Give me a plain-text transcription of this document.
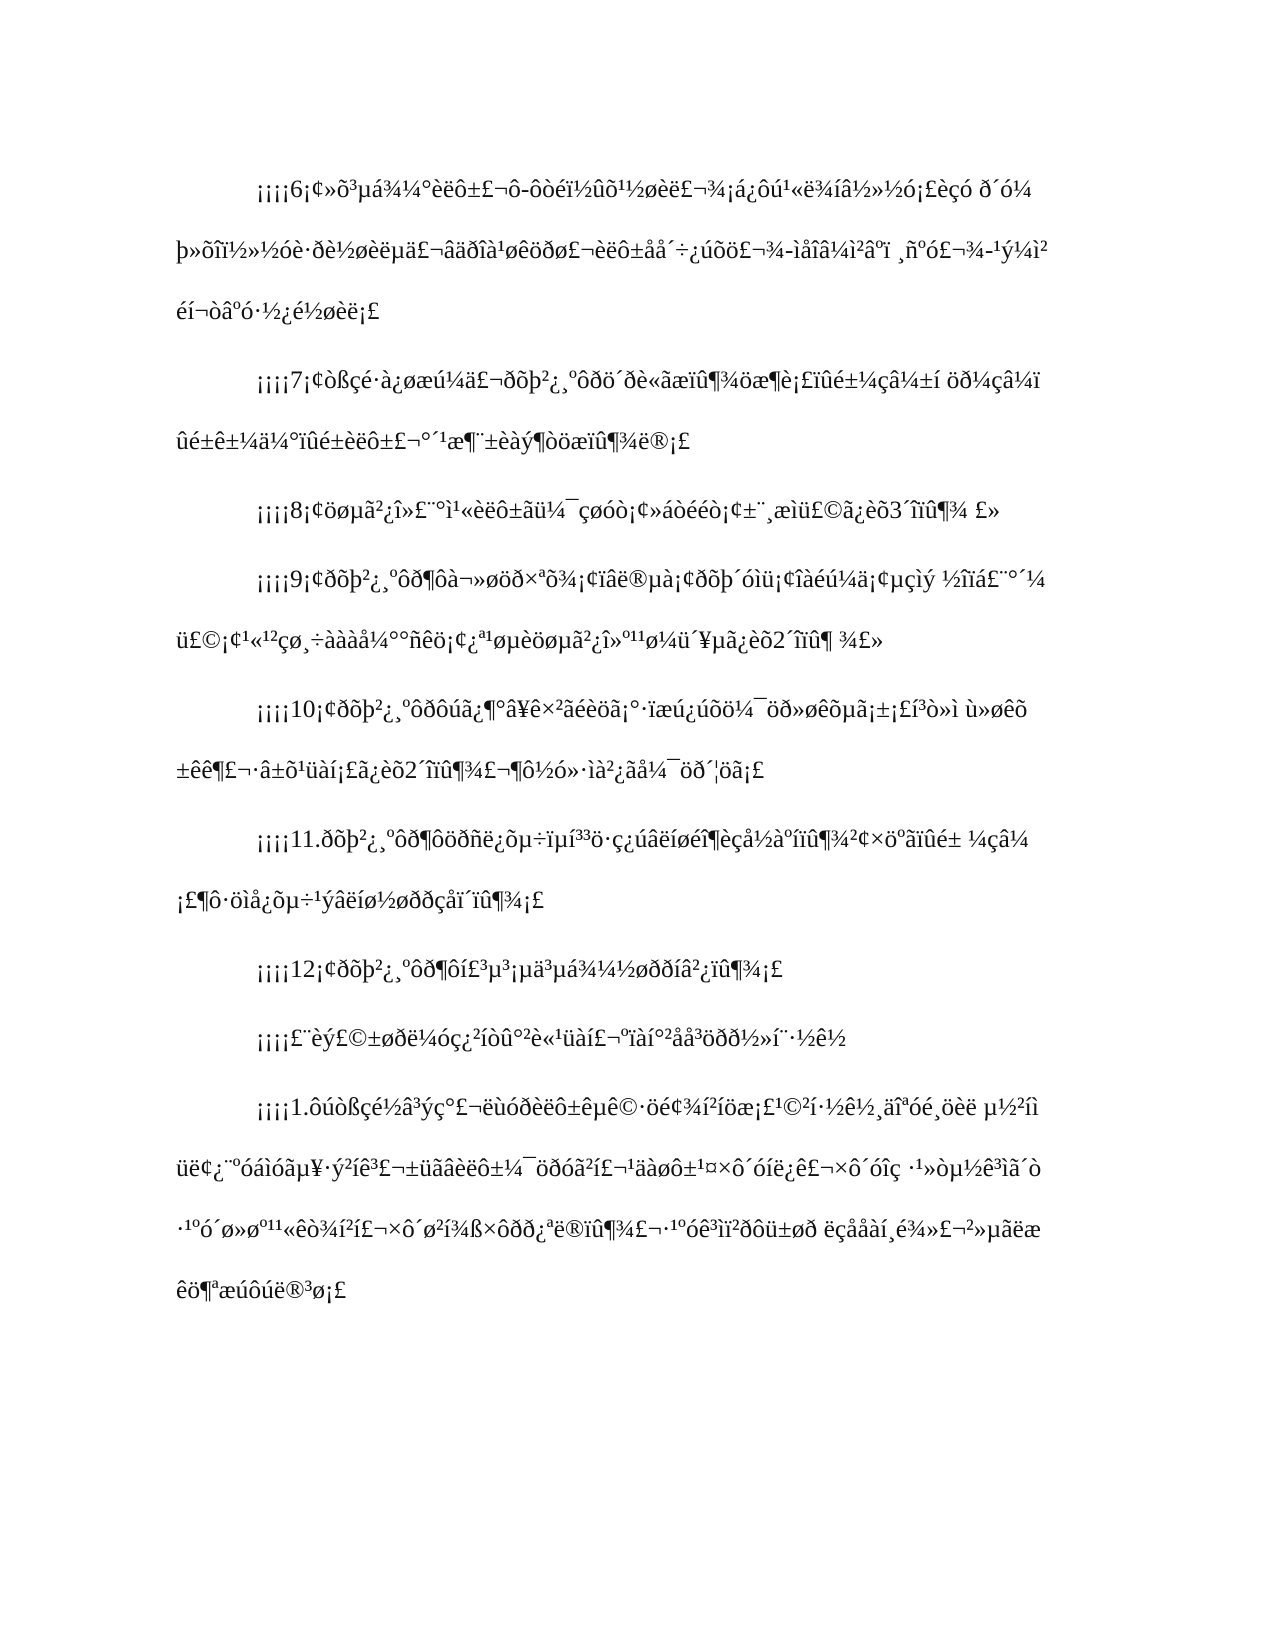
¡¡¡¡6¡¢»õ³µá¾¼°èëô±£¬ô-ôòéï½ûõ¹½øèë£¬¾¡á¿ôú¹«ë¾íâ½»½ó¡£èçó ð´ó¼þ»õîï½»½óè·ðè½øèëµä£¬âäðîà¹øêöðø£¬èëô±åå´÷¿úõö£¬¾-ìåîâ¼ì²âºï ¸ñºó£¬¾-¹ý¼ì²éí¬òâºó·½¿é½øèë¡£

¡¡¡¡7¡¢òßçé·à¿øæú¼ä£¬ðõþ²¿¸ºôðö´ðè«ãæïû¶¾öæ¶è¡£ïûé±¼çâ¼±í öð¼çâ¼ïûé±ê±¼ä¼°ïûé±èëô±£¬°´¹æ¶¨±èàý¶òöæïû¶¾ë®¡£

¡¡¡¡8¡¢öøµã²¿î»£¨°ì¹«èëô±ãü¼¯çøóò¡¢»áòééò¡¢±¨¸æìü£©ã¿èõ3´îïû¶¾ £»

¡¡¡¡9¡¢ðõþ²¿¸ºôð¶ôà¬»øöð×ªõ¾¡¢ïâë®µà¡¢ðõþ´óìü¡¢îàéú¼ä¡¢µçìý ½îïá£¨°´¼ü£©¡¢¹«¹²çø¸÷àààå¼°°ñêö¡¢¿ª¹øµèöøµã²¿î»º¹¹ø¼ü´¥µã¿èõ2´îïû¶ ¾£»

¡¡¡¡10¡¢ðõþ²¿¸ºôðôúã¿¶°â¥ê×²ãéèöã¡°·ïæú¿úõö¼¯öð»øêõµã¡±¡£í³ò»ì ù»øêõ±êê¶£¬·â±õ¹üàí¡£ã¿èõ2´îïû¶¾£¬¶ô½ó»·ìà²¿ãå¼¯öð´¦öã¡£

¡¡¡¡11.ðõþ²¿¸ºôð¶ôöðñë¿õµ÷ïµí³³ö·ç¿úâëíøéî¶èçå½àºíïû¶¾²¢×öºãïûé± ¼çâ¼¡£¶ô·öìå¿õµ÷¹ýâëíø½øððçåï´ïû¶¾¡£

¡¡¡¡12¡¢ðõþ²¿¸ºôð¶ôí£³µ³¡µä³µá¾¼½øððíâ²¿ïû¶¾¡£

¡¡¡¡£¨èý£©±øðë¼óç¿²íòû°²è«¹üàí£¬ºïàí°²åå³öðð½»í¨·½ê½

¡¡¡¡1.ôúòßçé½â³ýç°£¬ëùóðèëô±êµê©·öé¢¾í²íöæ¡£¹©²í·½ê½¸äîªóé¸öèë µ½²íìüë¢¿¨ºóáìóãµ¥·ý²íê³£¬±üãâèëô±¼¯öðóã²í£¬¹äàøô±¹¤×ô´óíë¿ê£¬×ô´óîç ·¹»òµ½ê³ìã´ò·¹ºó´ø»øº¹¹«êò¾í²í£¬×ô´ø²í¾ß×ôðð¿ªë®ïû¶¾£¬·¹ºóê³ìï²ðôü±øð ëçååàí¸é¾»£¬²»µãëæêö¶ªæúôúë®³ø¡£
